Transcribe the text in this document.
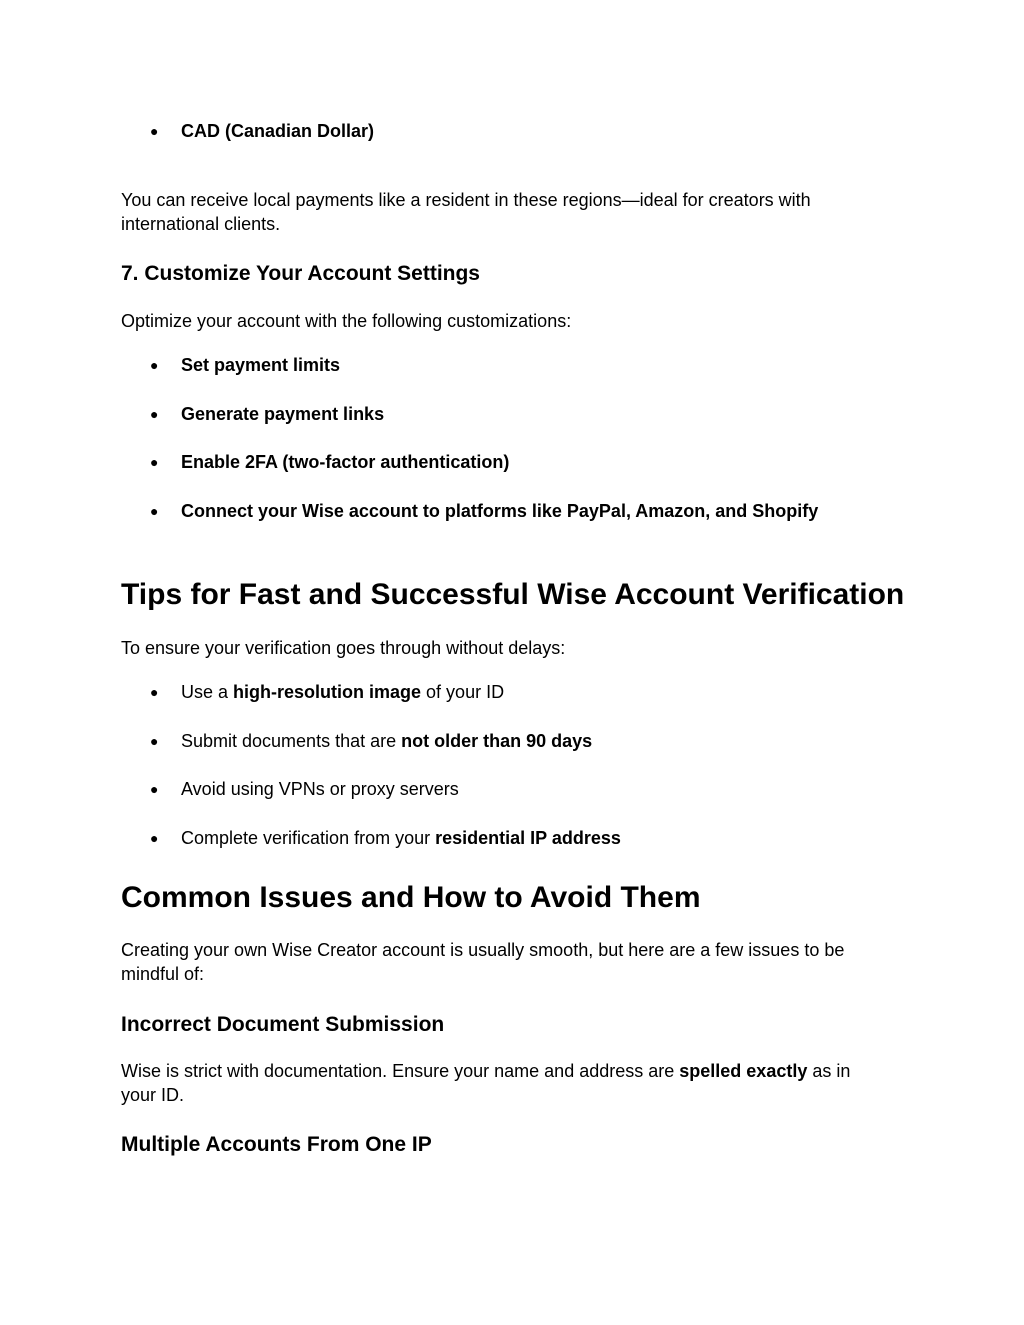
● CAD (Canadian Dollar)
You can receive local payments like a resident in these regions—ideal for creators with
international clients.
7. Customize Your Account Settings
Optimize your account with the following customizations:
● Set payment limits
● Generate payment links
● Enable 2FA (two-factor authentication)
● Connect your Wise account to platforms like PayPal, Amazon, and Shopify
Tips for Fast and Successful Wise Account Verification
To ensure your verification goes through without delays:
● Use a high-resolution image of your ID
● Submit documents that are not older than 90 days
● Avoid using VPNs or proxy servers
● Complete verification from your residential IP address
Common Issues and How to Avoid Them
Creating your own Wise Creator account is usually smooth, but here are a few issues to be
mindful of:
Incorrect Document Submission
Wise is strict with documentation. Ensure your name and address are spelled exactly as in
your ID.
Multiple Accounts From One IP
